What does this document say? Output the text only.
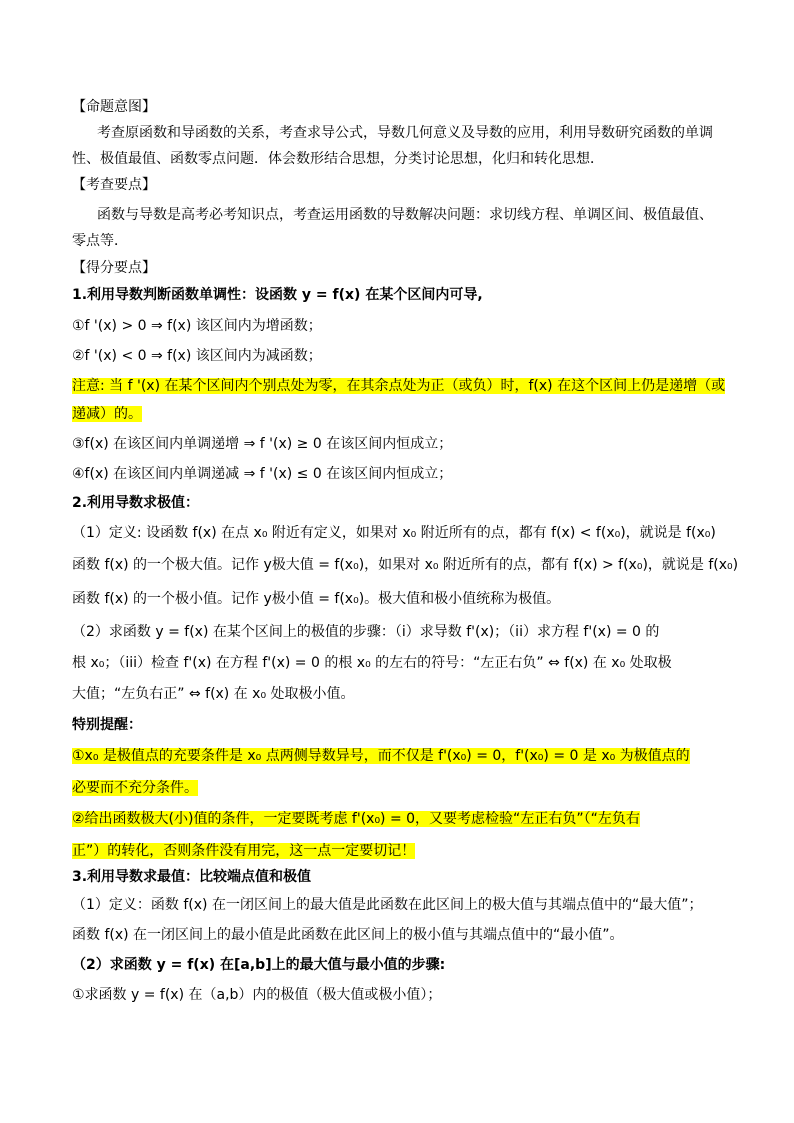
【命题意图】
考查原函数和导函数的关系，考查求导公式，导数几何意义及导数的应用，利用导数研究函数的单调
性、极值最值、函数零点问题．体会数形结合思想，分类讨论思想，化归和转化思想．
【考查要点】
函数与导数是高考必考知识点，考查运用函数的导数解决问题：求切线方程、单调区间、极值最值、
零点等．
【得分要点】
1.利用导数判断函数单调性：设函数 y = f(x) 在某个区间内可导,
①f '(x) > 0 ⇒ f(x) 该区间内为增函数；
②f '(x) < 0 ⇒ f(x) 该区间内为减函数；
注意: 当 f '(x) 在某个区间内个别点处为零，在其余点处为正（或负）时，f(x) 在这个区间上仍是递增（或
递减）的。
③f(x) 在该区间内单调递增 ⇒ f '(x) ≥ 0 在该区间内恒成立；
④f(x) 在该区间内单调递减 ⇒ f '(x) ≤ 0 在该区间内恒成立；
2.利用导数求极值：
（1）定义: 设函数 f(x) 在点 x₀ 附近有定义，如果对 x₀ 附近所有的点，都有 f(x) < f(x₀)，就说是 f(x₀)
函数 f(x) 的一个极大值。记作 y极大值 = f(x₀)，如果对 x₀ 附近所有的点，都有 f(x) > f(x₀)，就说是 f(x₀)
函数 f(x) 的一个极小值。记作 y极小值 = f(x₀)。极大值和极小值统称为极值。
（2）求函数 y = f(x) 在某个区间上的极值的步骤：（i）求导数 f'(x)；（ii）求方程 f'(x) = 0 的
根 x₀；（iii）检查 f'(x) 在方程 f'(x) = 0 的根 x₀ 的左右的符号：“左正右负” ⇔ f(x) 在 x₀ 处取极
大值；“左负右正” ⇔ f(x) 在 x₀ 处取极小值。
特别提醒：
①x₀ 是极值点的充要条件是 x₀ 点两侧导数异号，而不仅是 f'(x₀) = 0，f'(x₀) = 0 是 x₀ 为极值点的
必要而不充分条件。
②给出函数极大(小)值的条件，一定要既考虑 f'(x₀) = 0，又要考虑检验“左正右负”（“左负右
正”）的转化，否则条件没有用完，这一点一定要切记！
3.利用导数求最值：比较端点值和极值
（1）定义：函数 f(x) 在一闭区间上的最大值是此函数在此区间上的极大值与其端点值中的“最大值”；
函数 f(x) 在一闭区间上的最小值是此函数在此区间上的极小值与其端点值中的“最小值”。
（2）求函数 y = f(x) 在[a,b]上的最大值与最小值的步骤:
①求函数 y = f(x) 在（a,b）内的极值（极大值或极小值）；
